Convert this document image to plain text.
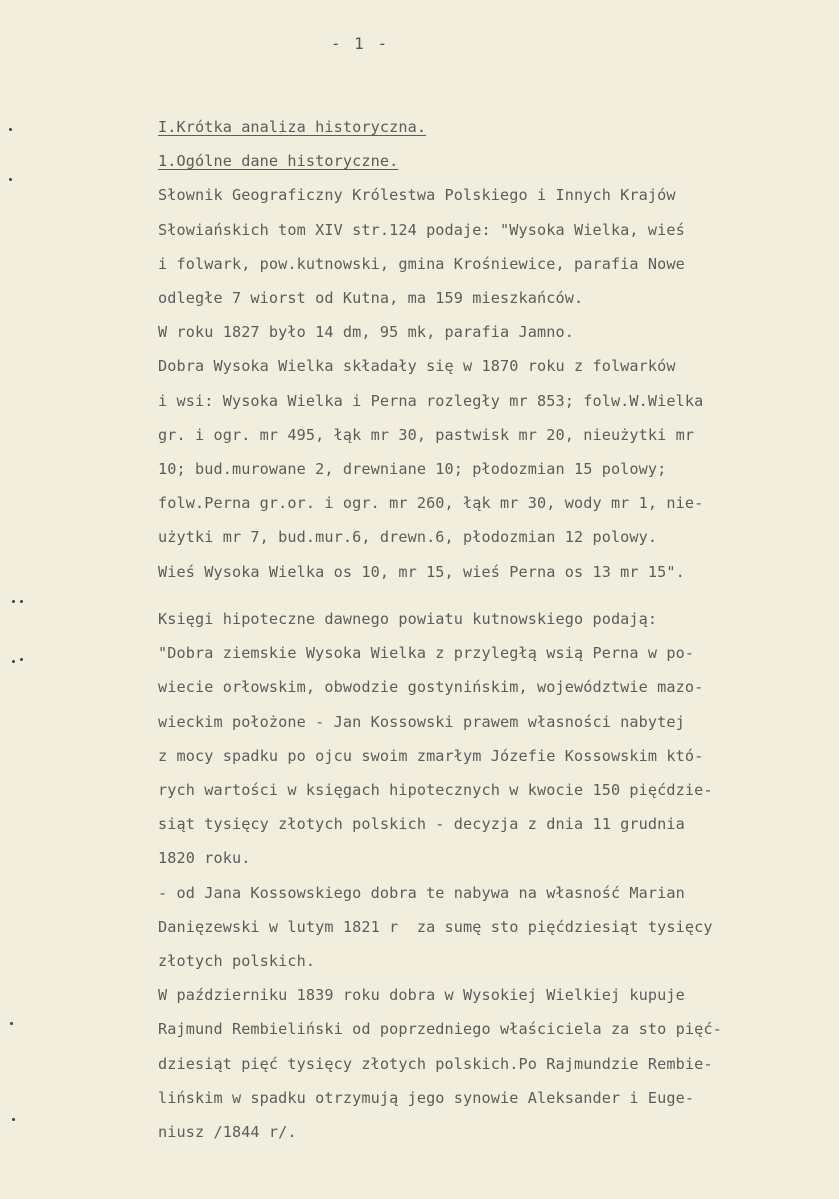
- 1 -
I.Krótka analiza historyczna.
1.Ogólne dane historyczne.
Słownik Geograficzny Królestwa Polskiego i Innych Krajów
Słowiańskich tom XIV str.124 podaje: "Wysoka Wielka, wieś
i folwark, pow.kutnowski, gmina Krośniewice, parafia Nowe
odległe 7 wiorst od Kutna, ma 159 mieszkańców.
W roku 1827 było 14 dm, 95 mk, parafia Jamno.
Dobra Wysoka Wielka składały się w 1870 roku z folwarków
i wsi: Wysoka Wielka i Perna rozległy mr 853; folw.W.Wielka
gr. i ogr. mr 495, łąk mr 30, pastwisk mr 20, nieużytki mr
10; bud.murowane 2, drewniane 10; płodozmian 15 polowy;
folw.Perna gr.or. i ogr. mr 260, łąk mr 30, wody mr 1, nie-
użytki mr 7, bud.mur.6, drewn.6, płodozmian 12 polowy.
Wieś Wysoka Wielka os 10, mr 15, wieś Perna os 13 mr 15".
Księgi hipoteczne dawnego powiatu kutnowskiego podają:
"Dobra ziemskie Wysoka Wielka z przyległą wsią Perna w po-
wiecie orłowskim, obwodzie gostynińskim, województwie mazo-
wieckim położone - Jan Kossowski prawem własności nabytej
z mocy spadku po ojcu swoim zmarłym Józefie Kossowskim któ-
rych wartości w księgach hipotecznych w kwocie 150 pięćdzie-
siąt tysięcy złotych polskich - decyzja z dnia 11 grudnia
1820 roku.
- od Jana Kossowskiego dobra te nabywa na własność Marian
Danięzewski w lutym 1821 r  za sumę sto pięćdziesiąt tysięcy
złotych polskich.
W październiku 1839 roku dobra w Wysokiej Wielkiej kupuje
Rajmund Rembieliński od poprzedniego właściciela za sto pięć-
dziesiąt pięć tysięcy złotych polskich.Po Rajmundzie Rembie-
lińskim w spadku otrzymują jego synowie Aleksander i Euge-
niusz /1844 r/.
